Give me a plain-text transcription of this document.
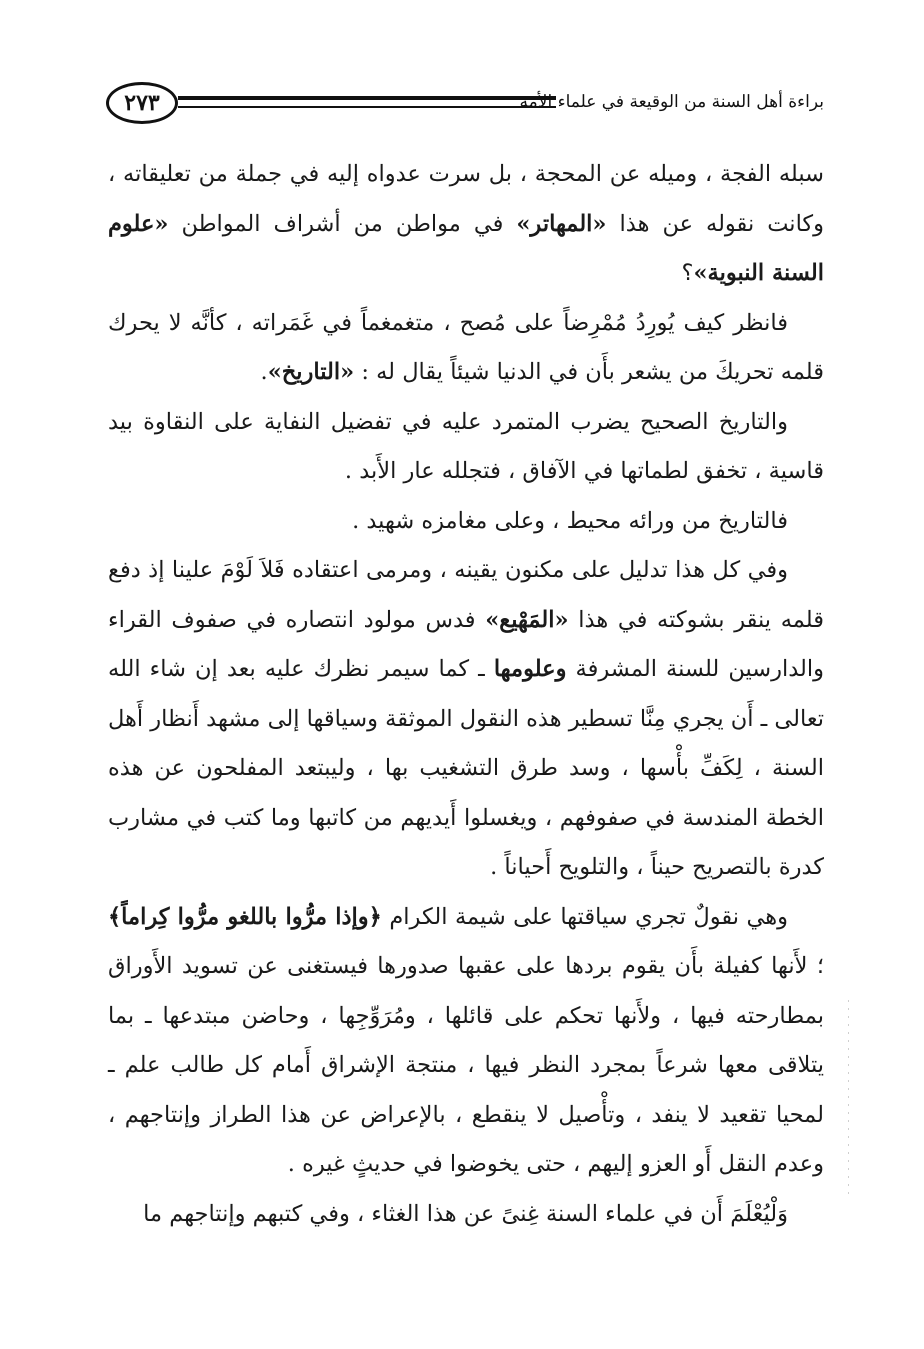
براءة أهل السنة من الوقيعة في علماء الأمة
٢٧٣

سبله الفجة ، وميله عن المحجة ، بل سرت عدواه إليه في جملة من تعليقاته ، وكانت نقوله عن هذا «المهاتر» في مواطن من أشراف المواطن «علوم السنة النبوية»؟

فانظر كيف يُورِدُ مُمْرِضاً على مُصح ، متغمغماً في غَمَراته ، كأنَّه لا يحرك قلمه تحريكَ من يشعر بأَن في الدنيا شيئاً يقال له : «التاريخ».

والتاريخ الصحيح يضرب المتمرد عليه في تفضيل النفاية على النقاوة بيد قاسية ، تخفق لطماتها في الآفاق ، فتجلله عار الأَبد .

فالتاريخ من ورائه محيط ، وعلى مغامزه شهيد .

وفي كل هذا تدليل على مكنون يقينه ، ومرمى اعتقاده فَلاَ لَوْمَ علينا إذ دفع قلمه ينقر بشوكته في هذا «المَهْيع» فدس مولود انتصاره في صفوف القراء والدارسين للسنة المشرفة وعلومها ـ كما سيمر نظرك عليه بعد إن شاء الله تعالى ـ أَن يجري مِنَّا تسطير هذه النقول الموثقة وسياقها إلى مشهد أَنظار أَهل السنة ، لِكَفِّ بأْسها ، وسد طرق التشغيب بها ، وليبتعد المفلحون عن هذه الخطة المندسة في صفوفهم ، ويغسلوا أَيديهم من كاتبها وما كتب في مشارب كدرة بالتصريح حيناً ، والتلويح أَحياناً .

وهي نقولٌ تجري سياقتها على شيمة الكرام ﴿وإذا مرُّوا باللغو مرُّوا كِراماً﴾ ؛ لأَنها كفيلة بأَن يقوم بردها على عقبها صدورها فيستغنى عن تسويد الأَوراق بمطارحته فيها ، ولأَنها تحكم على قائلها ، ومُرَوِّجِها ، وحاضن مبتدعها ـ بما يتلاقى معها شرعاً بمجرد النظر فيها ، منتجة الإشراق أَمام كل طالب علم ـ لمحيا تقعيد لا ينفد ، وتأْصيل لا ينقطع ، بالإعراض عن هذا الطراز وإنتاجهم ، وعدم النقل أَو العزو إليهم ، حتى يخوضوا في حديثٍ غيره .

وَلْيُعْلَمَ أَن في علماء السنة غِنىً عن هذا الغثاء ، وفي كتبهم وإنتاجهم ما
